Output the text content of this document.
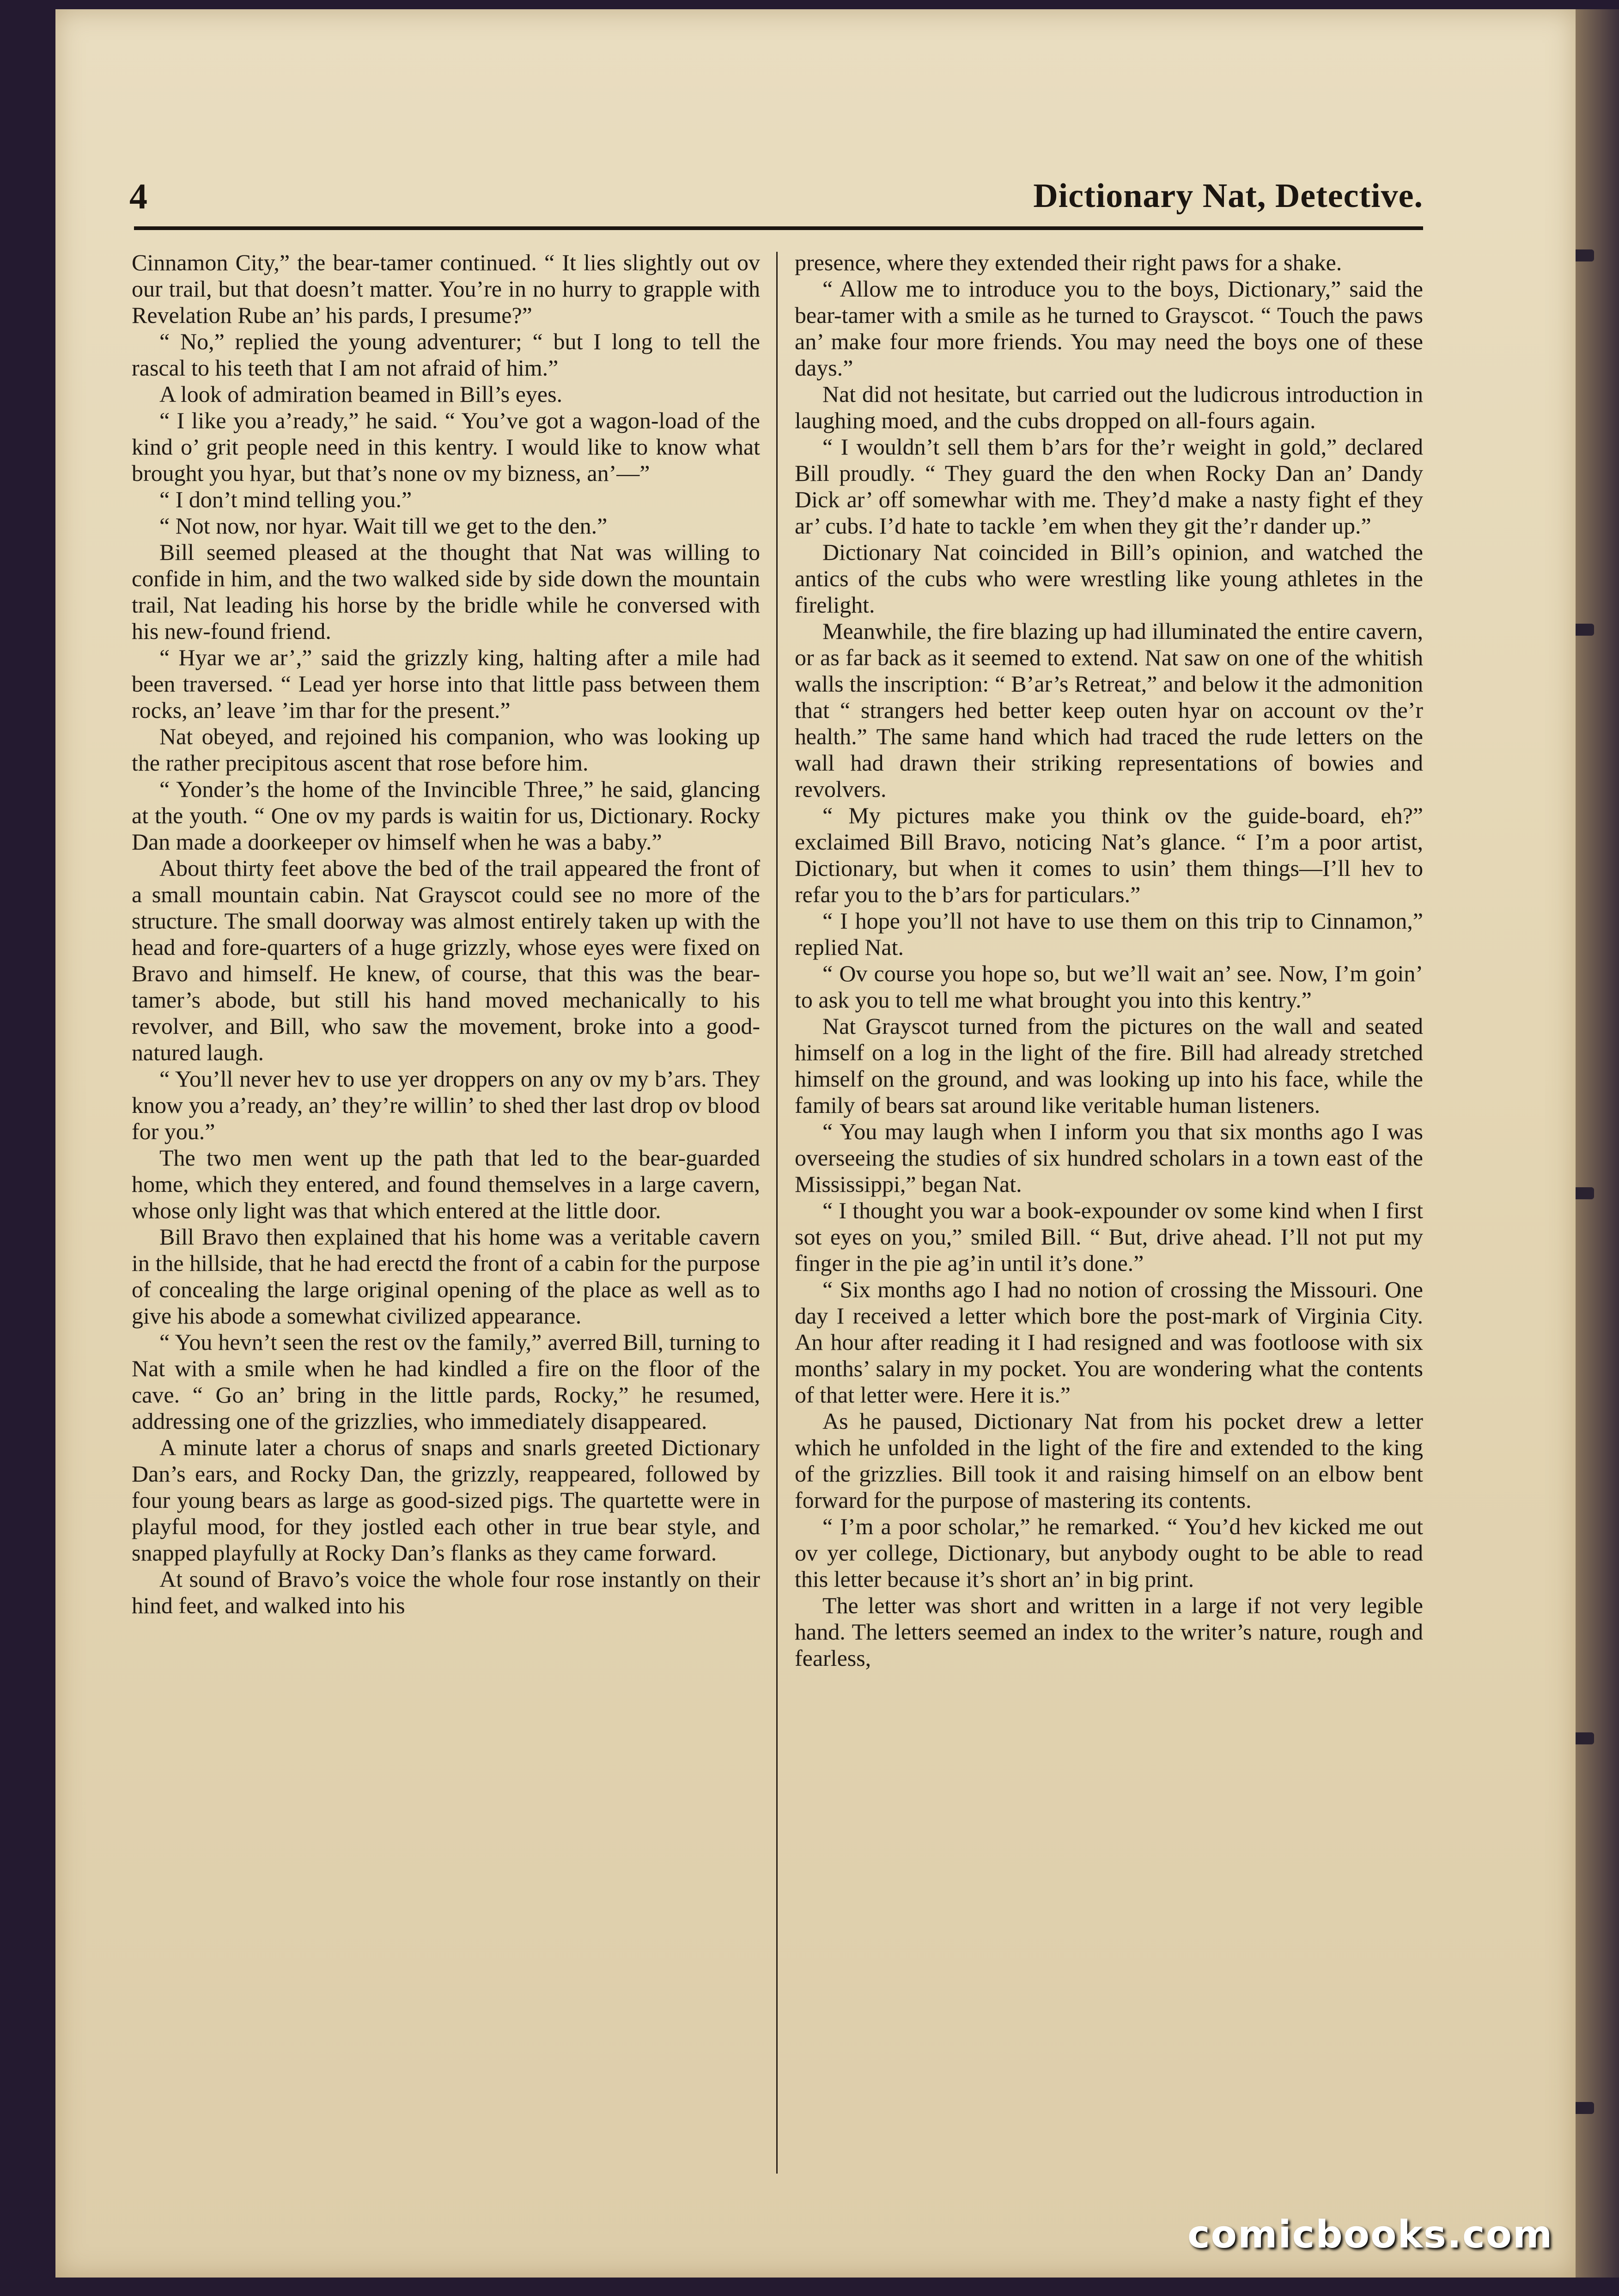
4	Dictionary Nat, Detective.

Cinnamon City,” the bear-tamer continued. “ It lies slightly out ov our trail, but that doesn’t matter. You’re in no hurry to grapple with Revelation Rube an’ his pards, I presume?”

“ No,” replied the young adventurer; “ but I long to tell the rascal to his teeth that I am not afraid of him.”

A look of admiration beamed in Bill’s eyes.

“ I like you a’ready,” he said. “ You’ve got a wagon-load of the kind o’ grit people need in this kentry. I would like to know what brought you hyar, but that’s none ov my bizness, an’—”

“ I don’t mind telling you.”

“ Not now, nor hyar. Wait till we get to the den.”

Bill seemed pleased at the thought that Nat was willing to confide in him, and the two walked side by side down the mountain trail, Nat leading his horse by the bridle while he conversed with his new-found friend.

“ Hyar we ar’,” said the grizzly king, halting after a mile had been traversed. “ Lead yer horse into that little pass between them rocks, an’ leave ’im thar for the present.”

Nat obeyed, and rejoined his companion, who was looking up the rather precipitous ascent that rose before him.

“ Yonder’s the home of the Invincible Three,” he said, glancing at the youth. “ One ov my pards is waitin for us, Dictionary. Rocky Dan made a doorkeeper ov himself when he was a baby.”

About thirty feet above the bed of the trail appeared the front of a small mountain cabin. Nat Grayscot could see no more of the structure. The small doorway was almost entirely taken up with the head and fore-quarters of a huge grizzly, whose eyes were fixed on Bravo and himself. He knew, of course, that this was the bear-tamer’s abode, but still his hand moved mechanically to his revolver, and Bill, who saw the movement, broke into a good-natured laugh.

“ You’ll never hev to use yer droppers on any ov my b’ars. They know you a’ready, an’ they’re willin’ to shed ther last drop ov blood for you.”

The two men went up the path that led to the bear-guarded home, which they entered, and found themselves in a large cavern, whose only light was that which entered at the little door.

Bill Bravo then explained that his home was a veritable cavern in the hillside, that he had erectd the front of a cabin for the purpose of concealing the large original opening of the place as well as to give his abode a somewhat civilized appearance.

“ You hevn’t seen the rest ov the family,” averred Bill, turning to Nat with a smile when he had kindled a fire on the floor of the cave. “ Go an’ bring in the little pards, Rocky,” he resumed, addressing one of the grizzlies, who immediately disappeared.

A minute later a chorus of snaps and snarls greeted Dictionary Dan’s ears, and Rocky Dan, the grizzly, reappeared, followed by four young bears as large as good-sized pigs. The quartette were in playful mood, for they jostled each other in true bear style, and snapped playfully at Rocky Dan’s flanks as they came forward.

At sound of Bravo’s voice the whole four rose instantly on their hind feet, and walked into his

presence, where they extended their right paws for a shake.

“ Allow me to introduce you to the boys, Dictionary,” said the bear-tamer with a smile as he turned to Grayscot. “ Touch the paws an’ make four more friends. You may need the boys one of these days.”

Nat did not hesitate, but carried out the ludicrous introduction in laughing moed, and the cubs dropped on all-fours again.

“ I wouldn’t sell them b’ars for the’r weight in gold,” declared Bill proudly. “ They guard the den when Rocky Dan an’ Dandy Dick ar’ off somewhar with me. They’d make a nasty fight ef they ar’ cubs. I’d hate to tackle ’em when they git the’r dander up.”

Dictionary Nat coincided in Bill’s opinion, and watched the antics of the cubs who were wrestling like young athletes in the firelight.

Meanwhile, the fire blazing up had illuminated the entire cavern, or as far back as it seemed to extend. Nat saw on one of the whitish walls the inscription: “ B’ar’s Retreat,” and below it the admonition that “ strangers hed better keep outen hyar on account ov the’r health.” The same hand which had traced the rude letters on the wall had drawn their striking representations of bowies and revolvers.

“ My pictures make you think ov the guide-board, eh?” exclaimed Bill Bravo, noticing Nat’s glance. “ I’m a poor artist, Dictionary, but when it comes to usin’ them things—I’ll hev to refar you to the b’ars for particulars.”

“ I hope you’ll not have to use them on this trip to Cinnamon,” replied Nat.

“ Ov course you hope so, but we’ll wait an’ see. Now, I’m goin’ to ask you to tell me what brought you into this kentry.”

Nat Grayscot turned from the pictures on the wall and seated himself on a log in the light of the fire. Bill had already stretched himself on the ground, and was looking up into his face, while the family of bears sat around like veritable human listeners.

“ You may laugh when I inform you that six months ago I was overseeing the studies of six hundred scholars in a town east of the Mississippi,” began Nat.

“ I thought you war a book-expounder ov some kind when I first sot eyes on you,” smiled Bill. “ But, drive ahead. I’ll not put my finger in the pie ag’in until it’s done.”

“ Six months ago I had no notion of crossing the Missouri. One day I received a letter which bore the post-mark of Virginia City. An hour after reading it I had resigned and was footloose with six months’ salary in my pocket. You are wondering what the contents of that letter were. Here it is.”

As he paused, Dictionary Nat from his pocket drew a letter which he unfolded in the light of the fire and extended to the king of the grizzlies. Bill took it and raising himself on an elbow bent forward for the purpose of mastering its contents.

“ I’m a poor scholar,” he remarked. “ You’d hev kicked me out ov yer college, Dictionary, but anybody ought to be able to read this letter because it’s short an’ in big print.

The letter was short and written in a large if not very legible hand. The letters seemed an index to the writer’s nature, rough and fearless,

comicbooks.com
